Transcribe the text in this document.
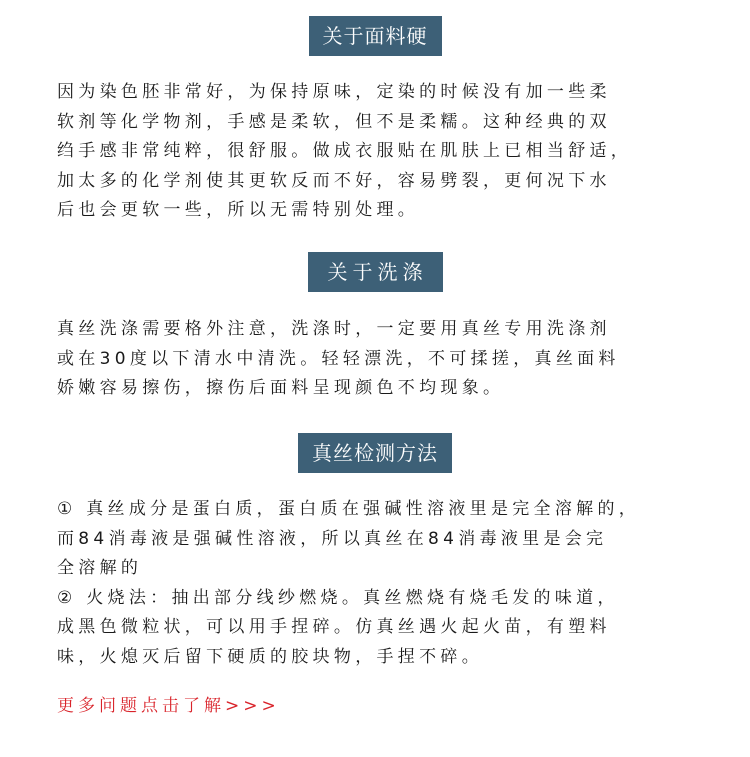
关于面料硬

因为染色胚非常好，为保持原味，定染的时候没有加一些柔
软剂等化学物剂，手感是柔软，但不是柔糯。这种经典的双
绉手感非常纯粹，很舒服。做成衣服贴在肌肤上已相当舒适，
加太多的化学剂使其更软反而不好，容易劈裂，更何况下水
后也会更软一些，所以无需特别处理。

关于洗涤

真丝洗涤需要格外注意，洗涤时，一定要用真丝专用洗涤剂
或在30度以下清水中清洗。轻轻漂洗，不可揉搓，真丝面料
娇嫩容易擦伤，擦伤后面料呈现颜色不均现象。

真丝检测方法

① 真丝成分是蛋白质，蛋白质在强碱性溶液里是完全溶解的，
而84消毒液是强碱性溶液，所以真丝在84消毒液里是会完
全溶解的
② 火烧法：抽出部分线纱燃烧。真丝燃烧有烧毛发的味道，
成黑色微粒状，可以用手捏碎。仿真丝遇火起火苗，有塑料
味，火熄灭后留下硬质的胶块物，手捏不碎。

更多问题点击了解>>>
